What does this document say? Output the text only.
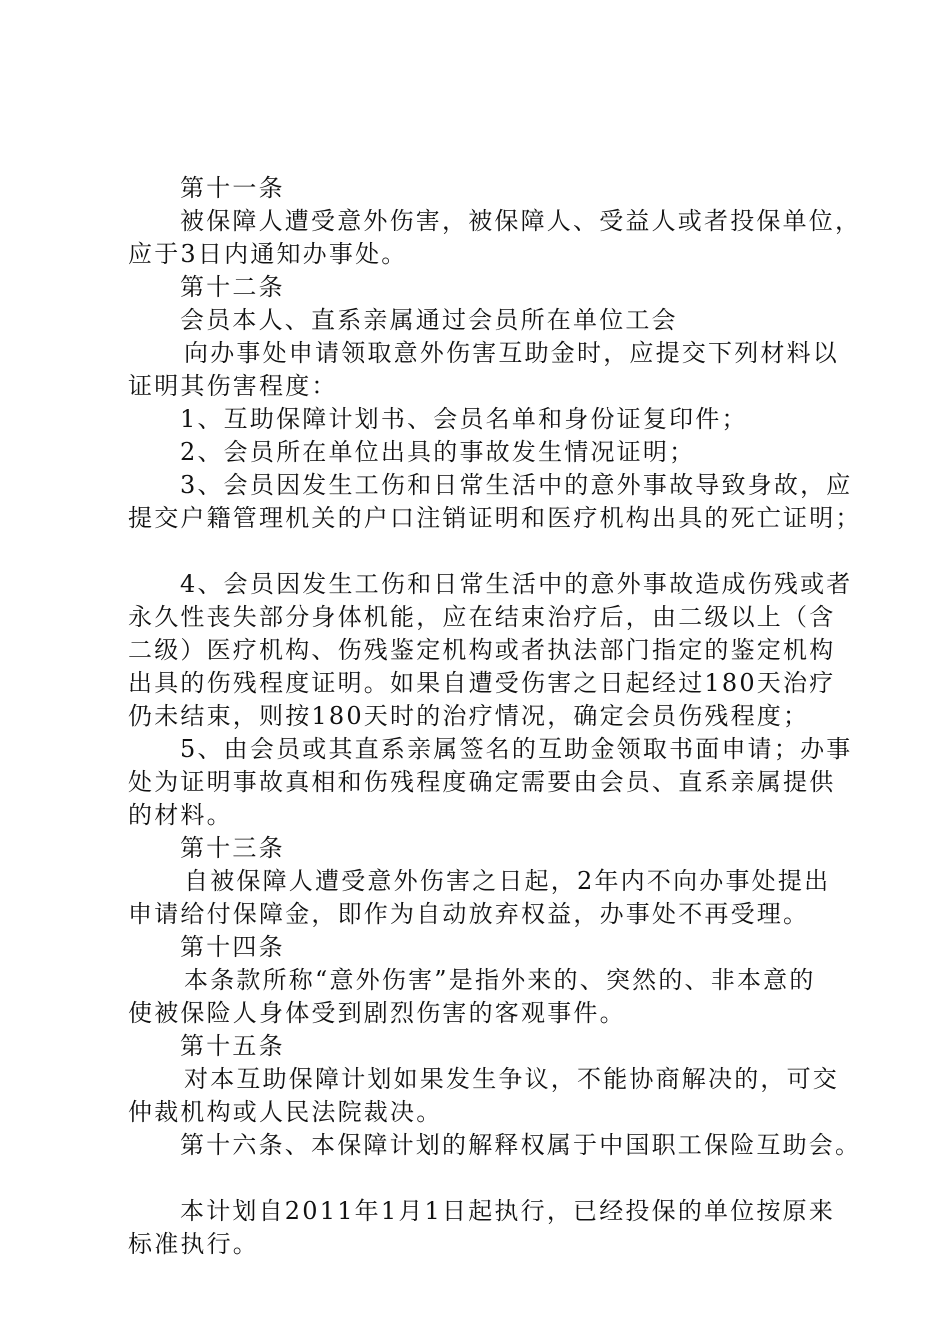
第十一条
被保障人遭受意外伤害，被保障人、受益人或者投保单位，
应于3日内通知办事处。
第十二条
会员本人、直系亲属通过会员所在单位工会
向办事处申请领取意外伤害互助金时，应提交下列材料以
证明其伤害程度：
1、互助保障计划书、会员名单和身份证复印件；
2、会员所在单位出具的事故发生情况证明；
3、会员因发生工伤和日常生活中的意外事故导致身故，应
提交户籍管理机关的户口注销证明和医疗机构出具的死亡证明；
4、会员因发生工伤和日常生活中的意外事故造成伤残或者
永久性丧失部分身体机能，应在结束治疗后，由二级以上（含
二级）医疗机构、伤残鉴定机构或者执法部门指定的鉴定机构
出具的伤残程度证明。如果自遭受伤害之日起经过180天治疗
仍未结束，则按180天时的治疗情况，确定会员伤残程度；
5、由会员或其直系亲属签名的互助金领取书面申请；办事
处为证明事故真相和伤残程度确定需要由会员、直系亲属提供
的材料。
第十三条
自被保障人遭受意外伤害之日起，2年内不向办事处提出
申请给付保障金，即作为自动放弃权益，办事处不再受理。
第十四条
本条款所称“意外伤害”是指外来的、突然的、非本意的
使被保险人身体受到剧烈伤害的客观事件。
第十五条
对本互助保障计划如果发生争议，不能协商解决的，可交
仲裁机构或人民法院裁决。
第十六条、本保障计划的解释权属于中国职工保险互助会。
本计划自2011年1月1日起执行，已经投保的单位按原来
标准执行。
